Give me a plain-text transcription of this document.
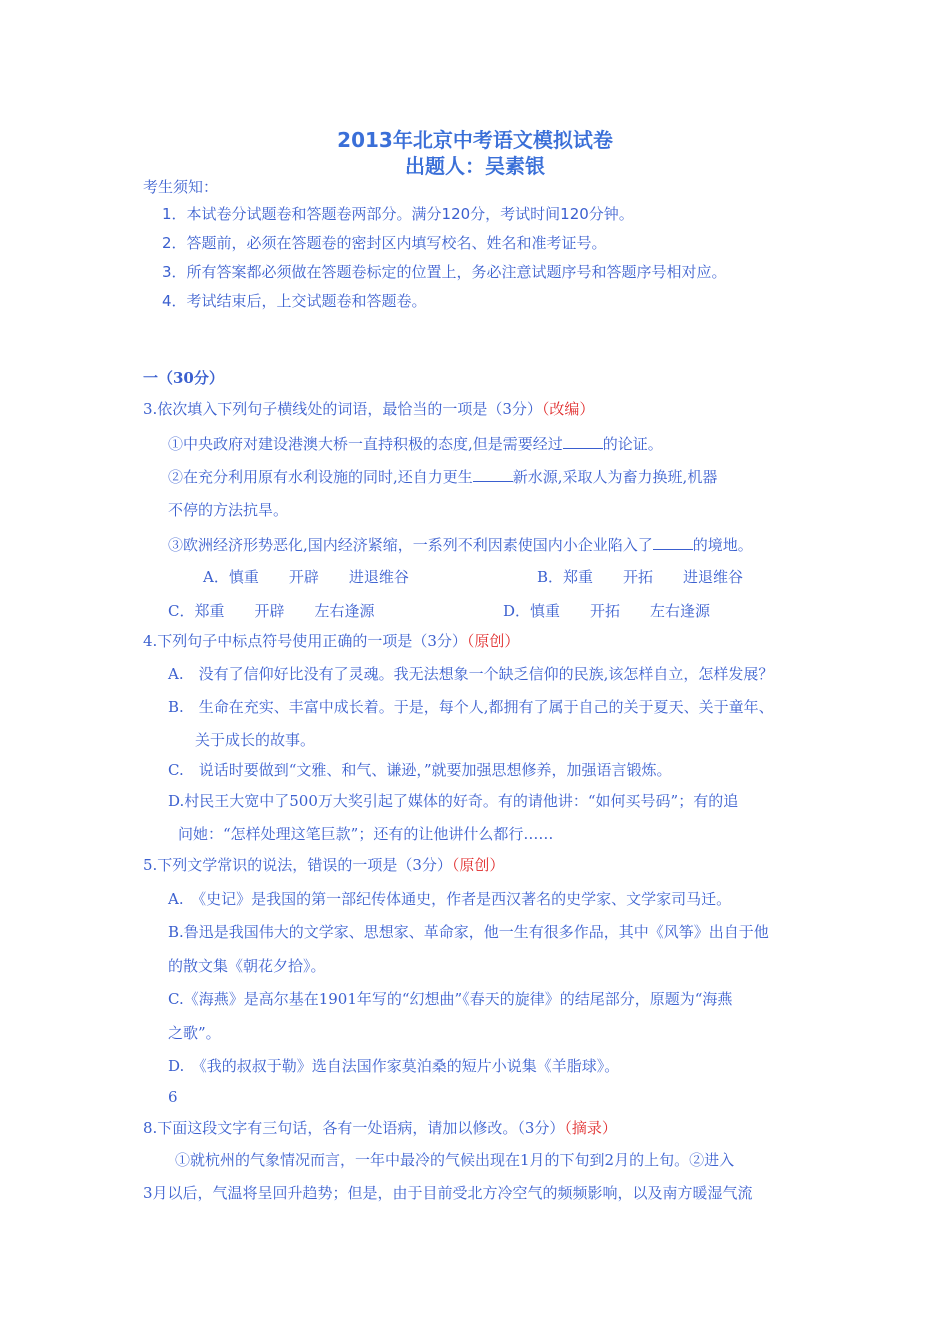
2013年北京中考语文模拟试卷
出题人：吴素银
考生须知：
1．本试卷分试题卷和答题卷两部分。满分120分，考试时间120分钟。
2．答题前，必须在答题卷的密封区内填写校名、姓名和准考证号。
3．所有答案都必须做在答题卷标定的位置上，务必注意试题序号和答题序号相对应。
4．考试结束后，上交试题卷和答题卷。
一（30分）
3.依次填入下列句子横线处的词语，最恰当的一项是（3分）（改编）
①中央政府对建设港澳大桥一直持积极的态度,但是需要经过	的论证。
②在充分利用原有水利设施的同时,还自力更生	新水源,采取人为畜力换班,机器
不停的方法抗旱。
③欧洲经济形势恶化,国内经济紧缩，一系列不利因素使国内小企业陷入了	的境地。
A．慎重　　开辟　　进退维谷	B．郑重　　开拓　　进退维谷
C．郑重　　开辟　　左右逢源	D．慎重　　开拓　　左右逢源
4.下列句子中标点符号使用正确的一项是（3分）（原创）
A.　没有了信仰好比没有了灵魂。我无法想象一个缺乏信仰的民族,该怎样自立，怎样发展？
B.　生命在充实、丰富中成长着。于是，每个人,都拥有了属于自己的关于夏天、关于童年、
关于成长的故事。
C.　说话时要做到“文雅、和气、谦逊，”就要加强思想修养，加强语言锻炼。
D.村民王大宽中了500万大奖引起了媒体的好奇。有的请他讲：“如何买号码”；有的追
问她：“怎样处理这笔巨款”；还有的让他讲什么都行……
5.下列文学常识的说法，错误的一项是（3分）（原创）
A.　《史记》是我国的第一部纪传体通史，作者是西汉著名的史学家、文学家司马迁。
B.鲁迅是我国伟大的文学家、思想家、革命家，他一生有很多作品，其中《风筝》出自于他
的散文集《朝花夕拾》。
C.《海燕》是高尔基在1901年写的“幻想曲”《春天的旋律》的结尾部分，原题为“海燕
之歌”。
D.　《我的叔叔于勒》选自法国作家莫泊桑的短片小说集《羊脂球》。
6
8.下面这段文字有三句话，各有一处语病，请加以修改。（3分）（摘录）
①就杭州的气象情况而言，一年中最冷的气候出现在1月的下旬到2月的上旬。②进入
3月以后，气温将呈回升趋势；但是，由于目前受北方冷空气的频频影响，以及南方暖湿气流
